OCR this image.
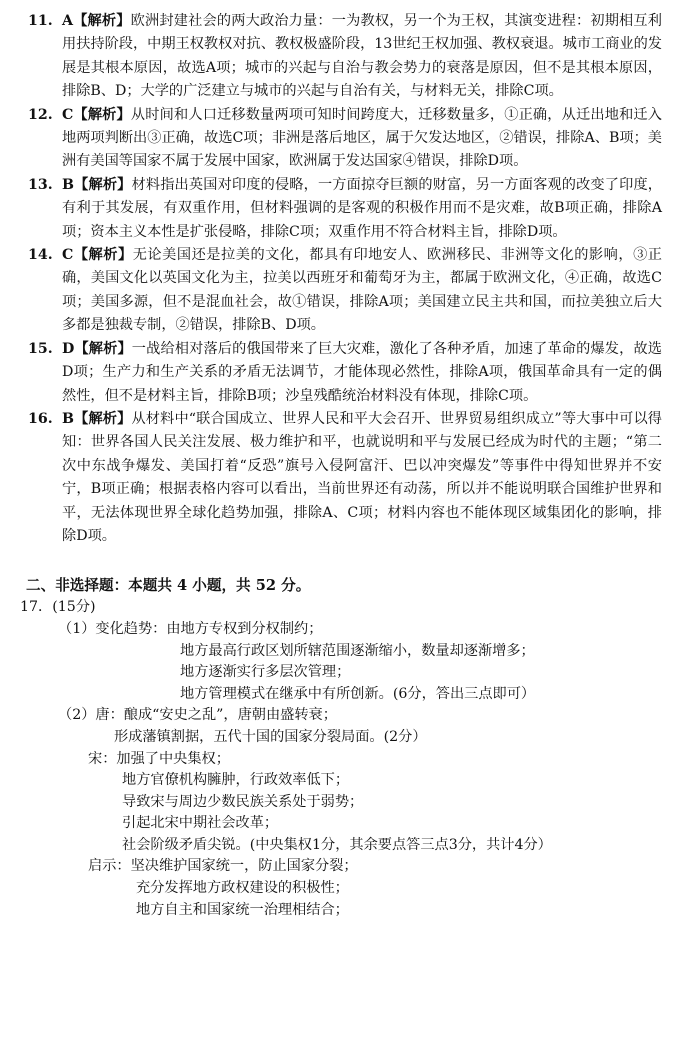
11. A【解析】欧洲封建社会的两大政治力量：一为教权，另一个为王权，其演变进程：初期相互利用扶持阶段，中期王权教权对抗、教权极盛阶段，13世纪王权加强、教权衰退。城市工商业的发展是其根本原因，故选A项；城市的兴起与自治与教会势力的衰落是原因，但不是其根本原因，排除B、D；大学的广泛建立与城市的兴起与自治有关，与材料无关，排除C项。

12. C【解析】从时间和人口迁移数量两项可知时间跨度大，迁移数量多，①正确，从迁出地和迁入地两项判断出③正确，故选C项；非洲是落后地区，属于欠发达地区，②错误，排除A、B项；美洲有美国等国家不属于发展中国家，欧洲属于发达国家④错误，排除D项。

13. B【解析】材料指出英国对印度的侵略，一方面掠夺巨额的财富，另一方面客观的改变了印度，有利于其发展，有双重作用，但材料强调的是客观的积极作用而不是灾难，故B项正确，排除A项；资本主义本性是扩张侵略，排除C项；双重作用不符合材料主旨，排除D项。

14. C【解析】无论美国还是拉美的文化，都具有印地安人、欧洲移民、非洲等文化的影响，③正确，美国文化以英国文化为主，拉美以西班牙和葡萄牙为主，都属于欧洲文化，④正确，故选C项；美国多源，但不是混血社会，故①错误，排除A项；美国建立民主共和国，而拉美独立后大多都是独裁专制，②错误，排除B、D项。

15. D【解析】一战给相对落后的俄国带来了巨大灾难，激化了各种矛盾，加速了革命的爆发，故选D项；生产力和生产关系的矛盾无法调节，才能体现必然性，排除A项，俄国革命具有一定的偶然性，但不是材料主旨，排除B项；沙皇残酷统治材料没有体现，排除C项。

16. B【解析】从材料中“联合国成立、世界人民和平大会召开、世界贸易组织成立”等大事中可以得知：世界各国人民关注发展、极力维护和平，也就说明和平与发展已经成为时代的主题；“第二次中东战争爆发、美国打着“反恐”旗号入侵阿富汗、巴以冲突爆发”等事件中得知世界并不安宁，B项正确；根据表格内容可以看出，当前世界还有动荡，所以并不能说明联合国维护世界和平，无法体现世界全球化趋势加强，排除A、C项；材料内容也不能体现区域集团化的影响，排除D项。

二、非选择题：本题共 4 小题，共 52 分。
17．(15分)
（1）变化趋势：由地方专权到分权制约；
地方最高行政区划所辖范围逐渐缩小，数量却逐渐增多；
地方逐渐实行多层次管理；
地方管理模式在继承中有所创新。(6分，答出三点即可）
（2）唐：酿成“安史之乱”，唐朝由盛转衰；
形成藩镇割据，五代十国的国家分裂局面。(2分）
宋：加强了中央集权；
地方官僚机构臃肿，行政效率低下；
导致宋与周边少数民族关系处于弱势；
引起北宋中期社会改革；
社会阶级矛盾尖锐。(中央集权1分，其余要点答三点3分，共计4分）
启示：坚决维护国家统一，防止国家分裂；
充分发挥地方政权建设的积极性；
地方自主和国家统一治理相结合；
